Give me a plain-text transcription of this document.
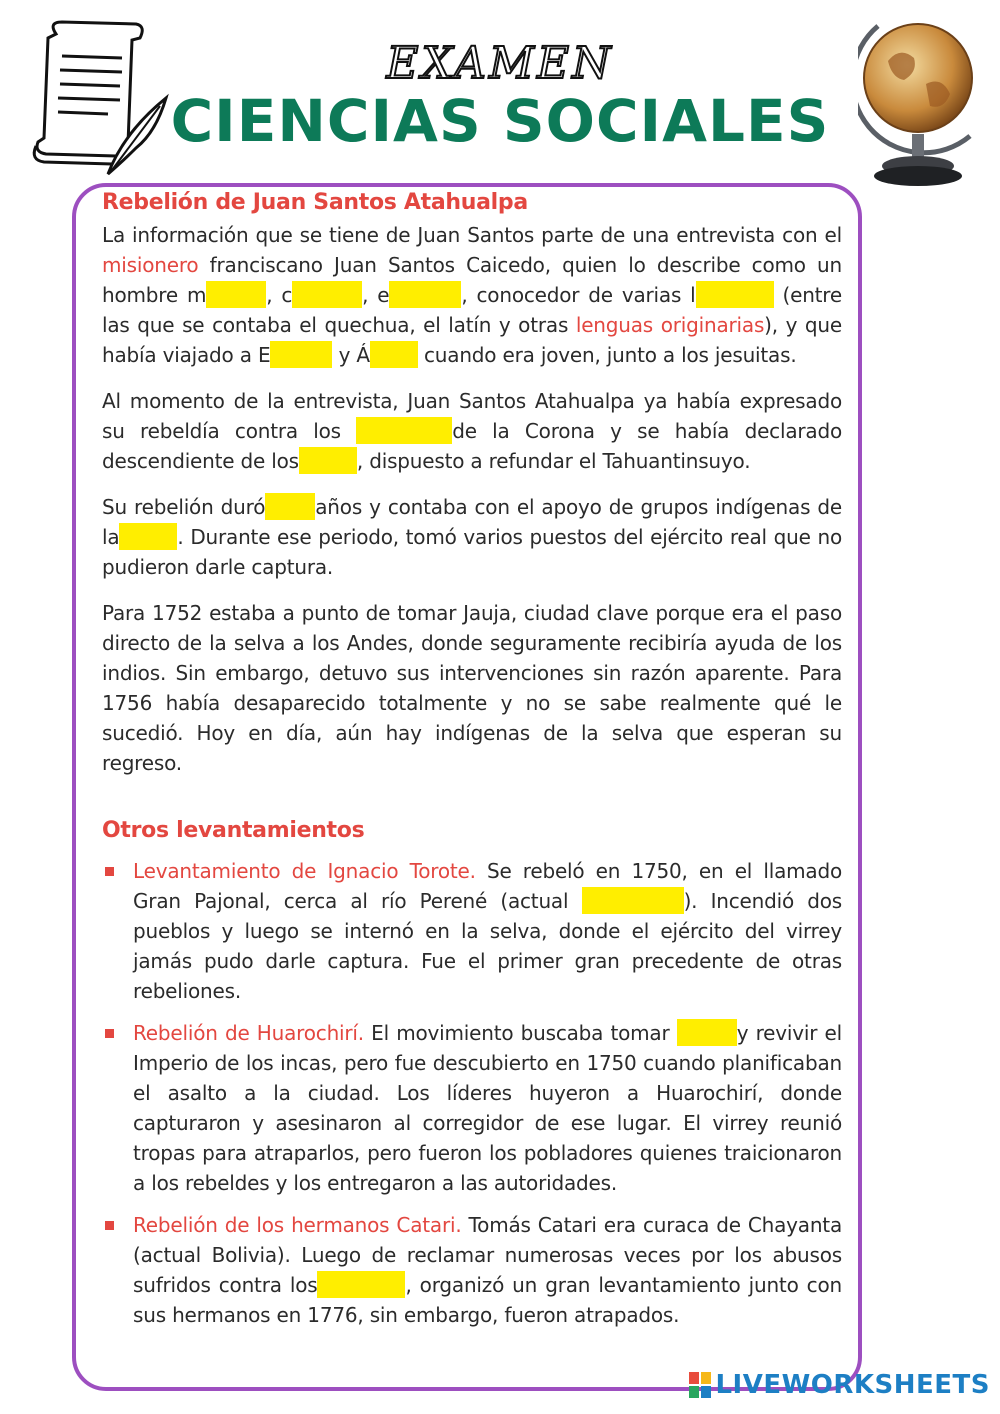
EXAMEN
CIENCIAS SOCIALES
Rebelión de Juan Santos Atahualpa

La información que se tiene de Juan Santos parte de una entrevista con el misionero franciscano Juan Santos Caicedo, quien lo describe como un hombre m	, c	, e	, conocedor de varias l	(entre las que se contaba el quechua, el latín y otras lenguas originarias), y que había viajado a E	y Á cuando era joven, junto a los jesuitas.

Al momento de la entrevista, Juan Santos Atahualpa ya había expresado su rebeldía contra los	de la Corona y se había declarado descendiente de los	, dispuesto a refundar el Tahuantinsuyo.

Su rebelión duró	años y contaba con el apoyo de grupos indígenas de la	. Durante ese periodo, tomó varios puestos del ejército real que no pudieron darle captura.

Para 1752 estaba a punto de tomar Jauja, ciudad clave porque era el paso directo de la selva a los Andes, donde seguramente recibiría ayuda de los indios. Sin embargo, detuvo sus intervenciones sin razón aparente. Para 1756 había desaparecido totalmente y no se sabe realmente qué le sucedió. Hoy en día, aún hay indígenas de la selva que esperan su regreso.

Otros levantamientos

Levantamiento de Ignacio Torote. Se rebeló en 1750, en el llamado Gran Pajonal, cerca al río Perené (actual	). Incendió dos pueblos y luego se internó en la selva, donde el ejército del virrey jamás pudo darle captura. Fue el primer gran precedente de otras rebeliones.

Rebelión de Huarochirí. El movimiento buscaba tomar	y revivir el Imperio de los incas, pero fue descubierto en 1750 cuando planificaban el asalto a la ciudad. Los líderes huyeron a Huarochirí, donde capturaron y asesinaron al corregidor de ese lugar. El virrey reunió tropas para atraparlos, pero fueron los pobladores quienes traicionaron a los rebeldes y los entregaron a las autoridades.

Rebelión de los hermanos Catari. Tomás Catari era curaca de Chayanta (actual Bolivia). Luego de reclamar numerosas veces por los abusos sufridos contra los	, organizó un gran levantamiento junto con sus hermanos en 1776, sin embargo, fueron atrapados.

LIVEWORKSHEETS
